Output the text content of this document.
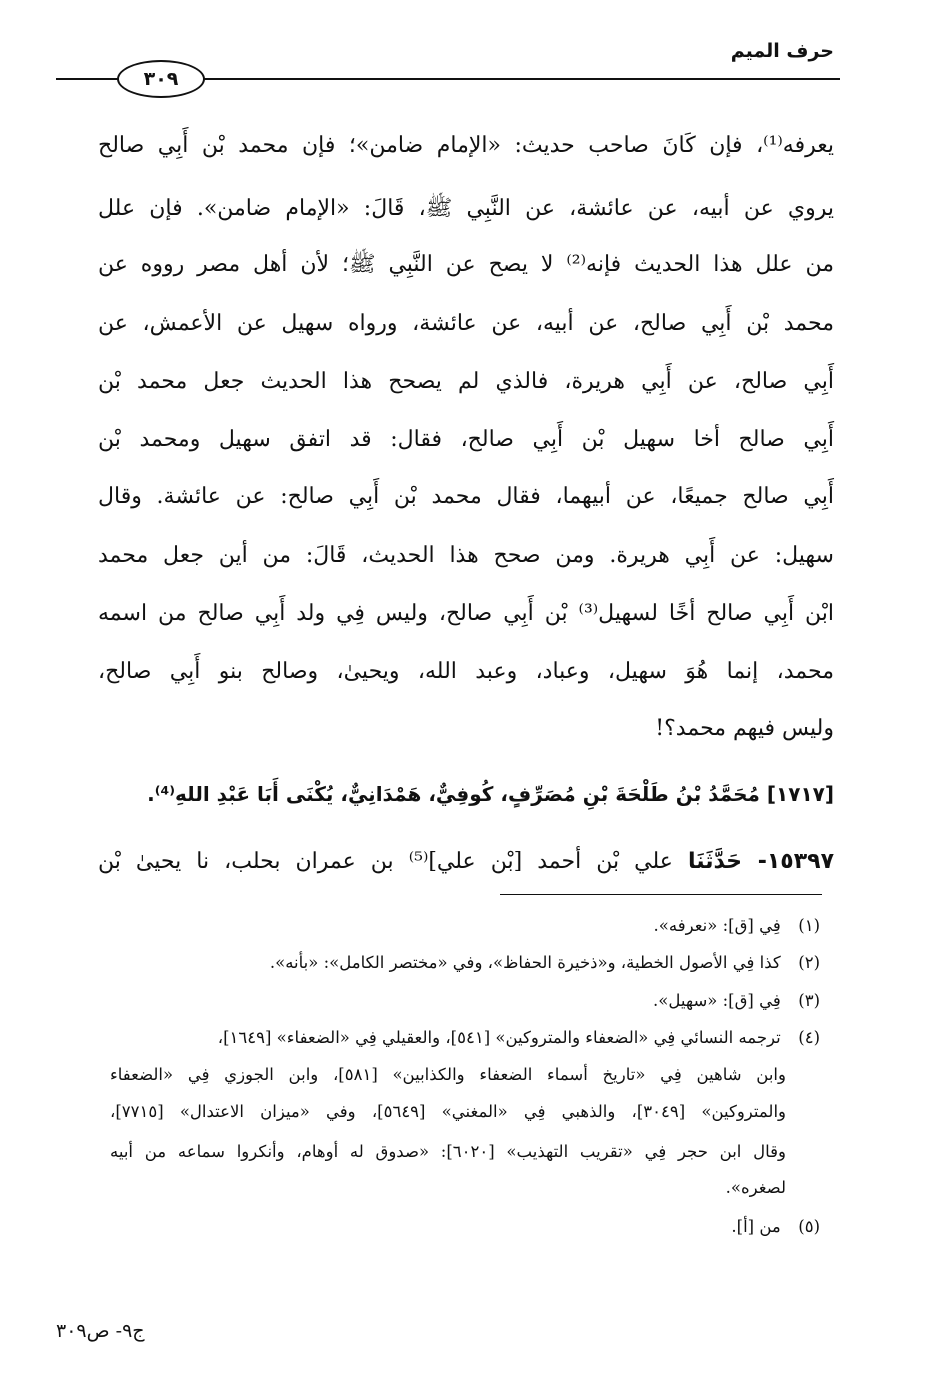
حرف الميم
٣٠٩

يعرفه⁽¹⁾، فإن كَانَ صاحب حديث: «الإمام ضامن»؛ فإن محمد بْن أَبِي صالح

يروي عن أبيه، عن عائشة، عن النَّبِي ﷺ، قَالَ: «الإمام ضامن». فإن علل

من علل هذا الحديث فإنه⁽²⁾ لا يصح عن النَّبِي ﷺ؛ لأن أهل مصر رووه عن

محمد بْن أَبِي صالح، عن أبيه، عن عائشة، ورواه سهيل عن الأعمش، عن

أَبِي صالح، عن أَبِي هريرة، فالذي لم يصحح هذا الحديث جعل محمد بْن

أَبِي صالح أخا سهيل بْن أَبِي صالح، فقال: قد اتفق سهيل ومحمد بْن

أَبِي صالح جميعًا، عن أبيهما، فقال محمد بْن أَبِي صالح: عن عائشة. وقال

سهيل: عن أَبِي هريرة. ومن صحح هذا الحديث، قَالَ: من أين جعل محمد

ابْن أَبِي صالح أخًا لسهيل⁽³⁾ بْن أَبِي صالح، وليس فِي ولد أَبِي صالح من اسمه

محمد، إنما هُوَ سهيل، وعباد، وعبد الله، ويحيىٰ، وصالح بنو أَبِي صالح،

وليس فيهم محمد؟!

[١٧١٧] مُحَمَّدُ بْنُ طَلْحَةَ بْنِ مُصَرِّفٍ، كُوفِيٌّ، هَمْدَانِيٌّ، يُكْنَى أَبَا عَبْدِ اللهِ⁽⁴⁾.

١٥٣٩٧- حَدَّثَنَا علي بْن أحمد [بْن علي]⁽⁵⁾ بن عمران بحلب، نا يحيىٰ بْن

(١) فِي [ق]: «نعرفه».

(٢) كذا فِي الأصول الخطية، و«ذخيرة الحفاظ»، وفي «مختصر الكامل»: «بأنه».

(٣) فِي [ق]: «سهيل».

(٤) ترجمه النسائي فِي «الضعفاء والمتروكين» [٥٤١]، والعقيلي فِي «الضعفاء» [١٦٤٩]،

وابن شاهين فِي «تاريخ أسماء الضعفاء والكذابين» [٥٨١]، وابن الجوزي فِي «الضعفاء

والمتروكين» [٣٠٤٩]، والذهبي فِي «المغني» [٥٦٤٩]، وفي «ميزان الاعتدال» [٧٧١٥]،

وقال ابن حجر فِي «تقريب التهذيب» [٦٠٢٠]: «صدوق له أوهام، وأنكروا سماعه من أبيه

لصغره».

(٥) من [أ].

ج٩- ص٣٠٩
